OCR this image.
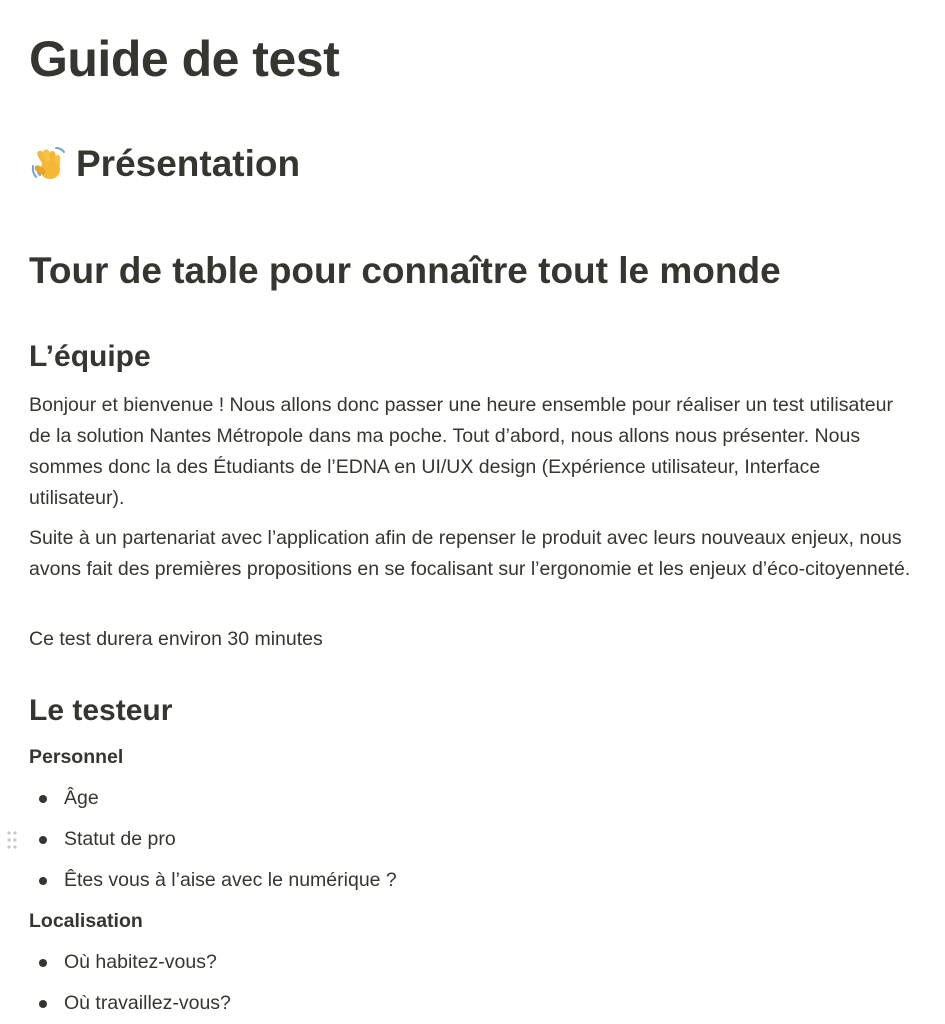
Guide de test
Présentation
Tour de table pour connaître tout le monde
L’équipe

Bonjour et bienvenue ! Nous allons donc passer une heure ensemble pour réaliser un test utilisateur de la solution Nantes Métropole dans ma poche. Tout d’abord, nous allons nous présenter. Nous sommes donc la des Étudiants de l’EDNA en UI/UX design (Expérience utilisateur, Interface utilisateur).

Suite à un partenariat avec l’application afin de repenser le produit avec leurs nouveaux enjeux, nous avons fait des premières propositions en se focalisant sur l’ergonomie et les enjeux d’éco-citoyenneté.

Ce test durera environ 30 minutes

Le testeur

Personnel

Âge
Statut de pro
Êtes vous à l’aise avec le numérique ?

Localisation

Où habitez-vous?
Où travaillez-vous?
